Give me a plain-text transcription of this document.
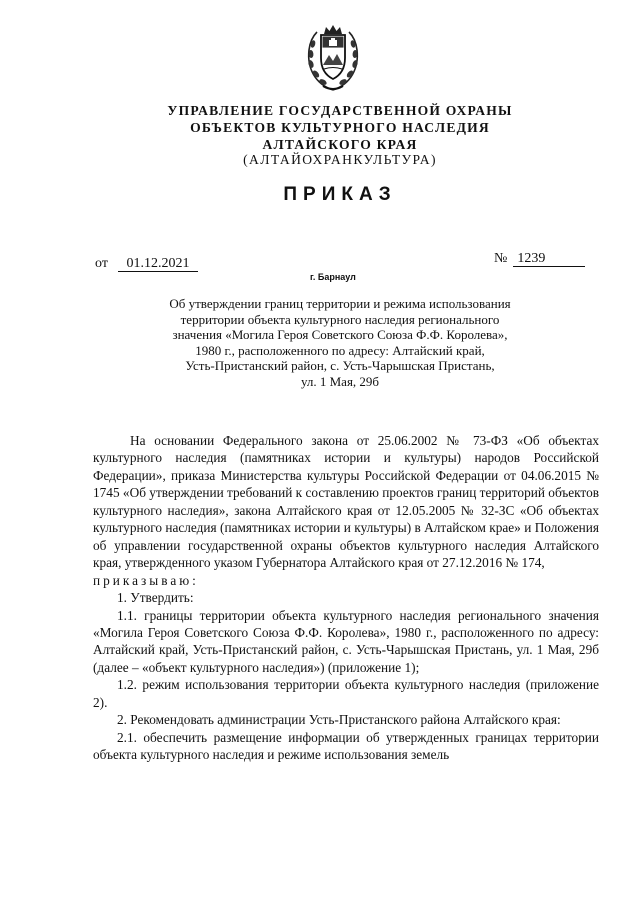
УПРАВЛЕНИЕ ГОСУДАРСТВЕННОЙ ОХРАНЫ
ОБЪЕКТОВ КУЛЬТУРНОГО НАСЛЕДИЯ
АЛТАЙСКОГО КРАЯ
(АЛТАЙОХРАНКУЛЬТУРА)
ПРИКАЗ
от 01.12.2021	№ 1239
г. Барнаул
Об утверждении границ территории и режима использования
территории объекта культурного наследия регионального
значения «Могила Героя Советского Союза Ф.Ф. Королева»,
1980 г., расположенного по адресу: Алтайский край,
Усть-Пристанский район, с. Усть-Чарышская Пристань,
ул. 1 Мая, 29б

На основании Федерального закона от 25.06.2002 № 73-ФЗ «Об объектах культурного наследия (памятниках истории и культуры) народов Российской Федерации», приказа Министерства культуры Российской Федерации от 04.06.2015 № 1745 «Об утверждении требований к составлению проектов границ территорий объектов культурного наследия», закона Алтайского края от 12.05.2005 № 32-ЗС «Об объектах культурного наследия (памятниках истории и культуры) в Алтайском крае» и Положения об управлении государственной охраны объектов культурного наследия Алтайского края, утвержденного указом Губернатора Алтайского края от 27.12.2016 № 174,

приказываю:

1. Утвердить:

1.1. границы территории объекта культурного наследия регионального значения «Могила Героя Советского Союза Ф.Ф. Королева», 1980 г., расположенного по адресу: Алтайский край, Усть-Пристанский район, с. Усть-Чарышская Пристань, ул. 1 Мая, 29б (далее – «объект культурного наследия») (приложение 1);

1.2. режим использования территории объекта культурного наследия (приложение 2).

2. Рекомендовать администрации Усть-Пристанского района Алтайского края:

2.1. обеспечить размещение информации об утвержденных границах территории объекта культурного наследия и режиме использования земель
